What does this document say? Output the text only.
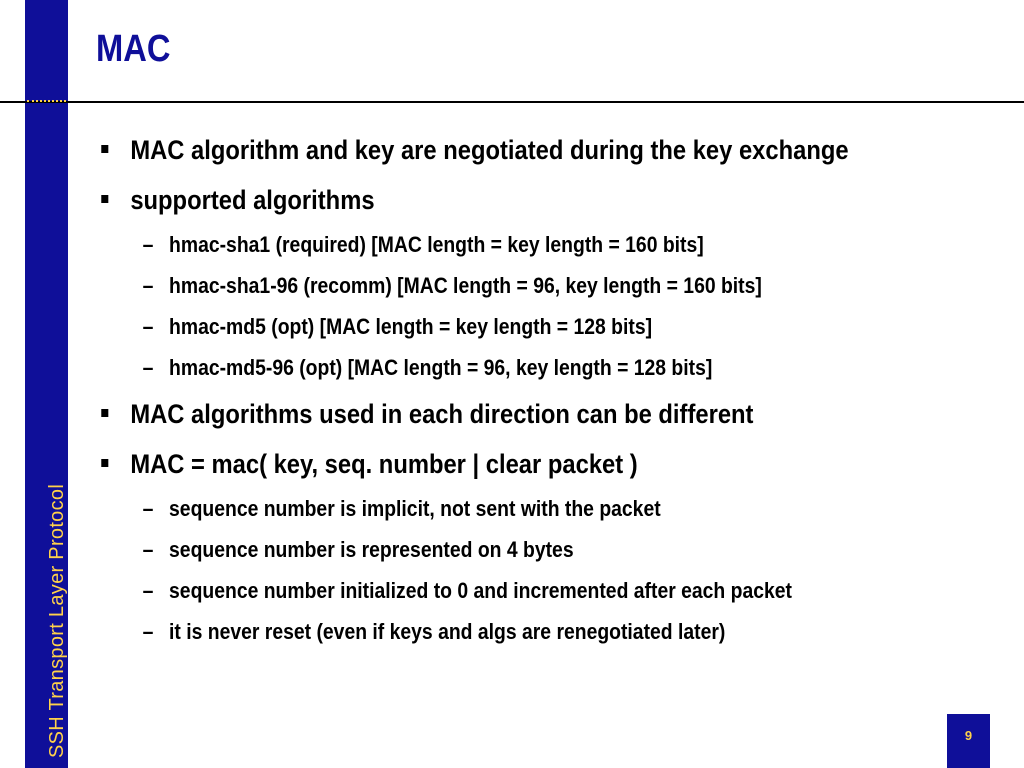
SSH Transport Layer Protocol
MAC
MAC algorithm and key are negotiated during the key exchange
supported algorithms
– hmac-sha1 (required) [MAC length = key length = 160 bits]
– hmac-sha1-96 (recomm) [MAC length = 96, key length = 160 bits]
– hmac-md5 (opt) [MAC length = key length = 128 bits]
– hmac-md5-96 (opt) [MAC length = 96, key length = 128 bits]
MAC algorithms used in each direction can be different
MAC = mac( key, seq. number | clear packet )
– sequence number is implicit, not sent with the packet
– sequence number is represented on 4 bytes
– sequence number initialized to 0 and incremented after each packet
– it is never reset (even if keys and algs are renegotiated later)
9
